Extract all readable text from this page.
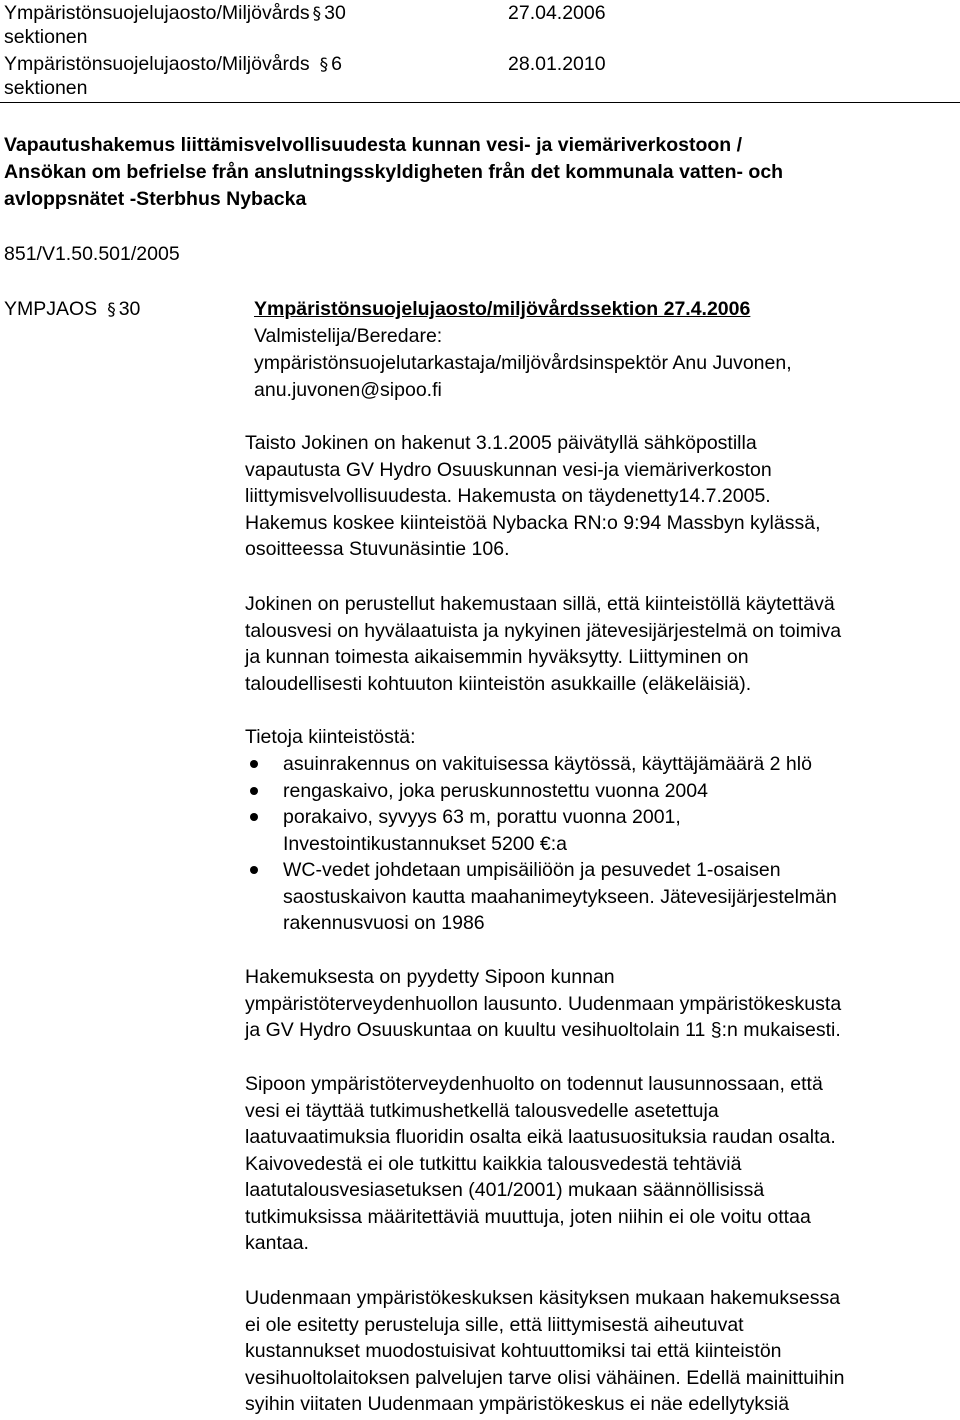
Ympäristönsuojelujaosto/Miljövårds § 30	27.04.2006
sektionen
Ympäristönsuojelujaosto/Miljövårds § 6	28.01.2010
sektionen
Vapautushakemus liittämisvelvollisuudesta kunnan vesi- ja viemäriverkostoon /
Ansökan om befrielse från anslutningsskyldigheten från det kommunala vatten- och
avloppsnätet -Sterbhus Nybacka
851/V1.50.501/2005
YMPJAOS § 30	Ympäristönsuojelujaosto/miljövårdssektion 27.4.2006
Valmistelija/Beredare:
ympäristönsuojelutarkastaja/miljövårdsinspektör Anu Juvonen,
anu.juvonen@sipoo.fi
Taisto Jokinen on hakenut 3.1.2005 päivätyllä sähköpostilla
vapautusta GV Hydro Osuuskunnan vesi-ja viemäriverkoston
liittymisvelvollisuudesta. Hakemusta on täydenetty14.7.2005.
Hakemus koskee kiinteistöä Nybacka RN:o 9:94 Massbyn kylässä,
osoitteessa Stuvunäsintie 106.
Jokinen on perustellut hakemustaan sillä, että kiinteistöllä käytettävä
talousvesi on hyvälaatuista ja nykyinen jätevesijärjestelmä on toimiva
ja kunnan toimesta aikaisemmin hyväksytty. Liittyminen on
taloudellisesti kohtuuton kiinteistön asukkaille (eläkeläisiä).
Tietoja kiinteistöstä:
asuinrakennus on vakituisessa käytössä, käyttäjämäärä 2 hlö
rengaskaivo, joka peruskunnostettu vuonna 2004
porakaivo, syvyys 63 m, porattu vuonna 2001,
Investointikustannukset 5200 €:a
WC-vedet johdetaan umpisäiliöön ja pesuvedet 1-osaisen
saostuskaivon kautta maahanimeytykseen. Jätevesijärjestelmän
rakennusvuosi on 1986
Hakemuksesta on pyydetty Sipoon kunnan
ympäristöterveydenhuollon lausunto. Uudenmaan ympäristökeskusta
ja GV Hydro Osuuskuntaa on kuultu vesihuoltolain 11 §:n mukaisesti.
Sipoon ympäristöterveydenhuolto on todennut lausunnossaan, että
vesi ei täyttää tutkimushetkellä talousvedelle asetettuja
laatuvaatimuksia fluoridin osalta eikä laatusuosituksia raudan osalta.
Kaivovedestä ei ole tutkittu kaikkia talousvedestä tehtäviä
laatutalousvesiasetuksen (401/2001) mukaan säännöllisissä
tutkimuksissa määritettäviä muuttuja, joten niihin ei ole voitu ottaa
kantaa.
Uudenmaan ympäristökeskuksen käsityksen mukaan hakemuksessa
ei ole esitetty perusteluja sille, että liittymisestä aiheutuvat
kustannukset muodostuisivat kohtuuttomiksi tai että kiinteistön
vesihuoltolaitoksen palvelujen tarve olisi vähäinen. Edellä mainittuihin
syihin viitaten Uudenmaan ympäristökeskus ei näe edellytyksiä
